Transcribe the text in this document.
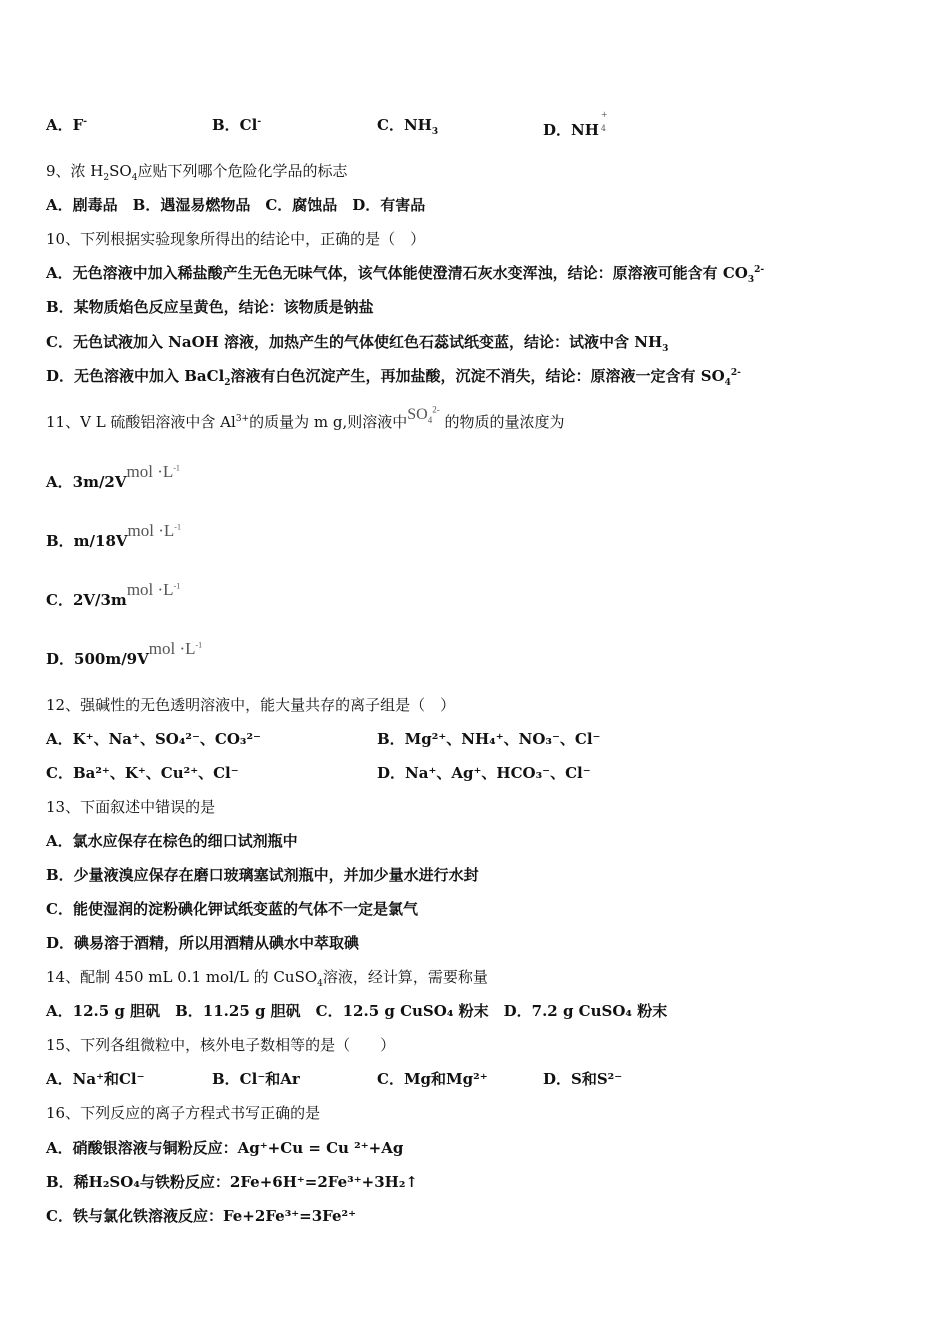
A．F-	B．Cl-	C．$NH_3$	D．NH
+
4
9、浓 $H_2SO_4$应贴下列哪个危险化学品的标志
A．剧毒品　B．遇湿易燃物品　C．腐蚀品　D．有害品
10、下列根据实验现象所得出的结论中，正确的是（　）
A．无色溶液中加入稀盐酸产生无色无味气体，该气体能使澄清石灰水变浑浊，结论：原溶液可能含有 $CO_3^{2-}$
B．某物质焰色反应呈黄色，结论：该物质是钠盐
C．无色试液加入 NaOH 溶液，加热产生的气体使红色石蕊试纸变蓝，结论：试液中含 $NH_3$
D．无色溶液中加入 BaCl$_2$溶液有白色沉淀产生，再加盐酸，沉淀不消失，结论：原溶液一定含有 $SO_4^{2-}$
11、V L 硫酸铝溶液中含 $Al^{3+}$的质量为 m g,则溶液中$SO_4^{2-}$ 的物质的量浓度为
A．3m/2Vmol $\cdot L^{-1}$
B．m/18Vmol $\cdot L^{-1}$
C．2V/3mmol $\cdot L^{-1}$
D．500m/9Vmol $\cdot L^{-1}$
12、强碱性的无色透明溶液中，能大量共存的离子组是（　）
A．K⁺、Na⁺、SO₄²⁻、CO₃²⁻	B．Mg²⁺、NH₄⁺、NO₃⁻、Cl⁻
C．Ba²⁺、K⁺、Cu²⁺、Cl⁻	D．Na⁺、Ag⁺、HCO₃⁻、Cl⁻
13、下面叙述中错误的是
A．氯水应保存在棕色的细口试剂瓶中
B．少量液溴应保存在磨口玻璃塞试剂瓶中，并加少量水进行水封
C．能使湿润的淀粉碘化钾试纸变蓝的气体不一定是氯气
D．碘易溶于酒精，所以用酒精从碘水中萃取碘
14、配制 450 mL 0.1 mol/L 的 CuSO$_4$溶液，经计算，需要称量
A．12.5 g 胆矾　B．11.25 g 胆矾　C．12.5 g CuSO₄ 粉末　D．7.2 g CuSO₄ 粉末
15、下列各组微粒中，核外电子数相等的是（　　）
A．Na⁺和Cl⁻	B．Cl⁻和Ar	C．Mg和Mg²⁺	D．S和S²⁻
16、下列反应的离子方程式书写正确的是
A．硝酸银溶液与铜粉反应：Ag⁺+Cu = Cu ²⁺+Ag
B．稀H₂SO₄与铁粉反应：2Fe+6H⁺=2Fe³⁺+3H₂↑
C．铁与氯化铁溶液反应：Fe+2Fe³⁺=3Fe²⁺
